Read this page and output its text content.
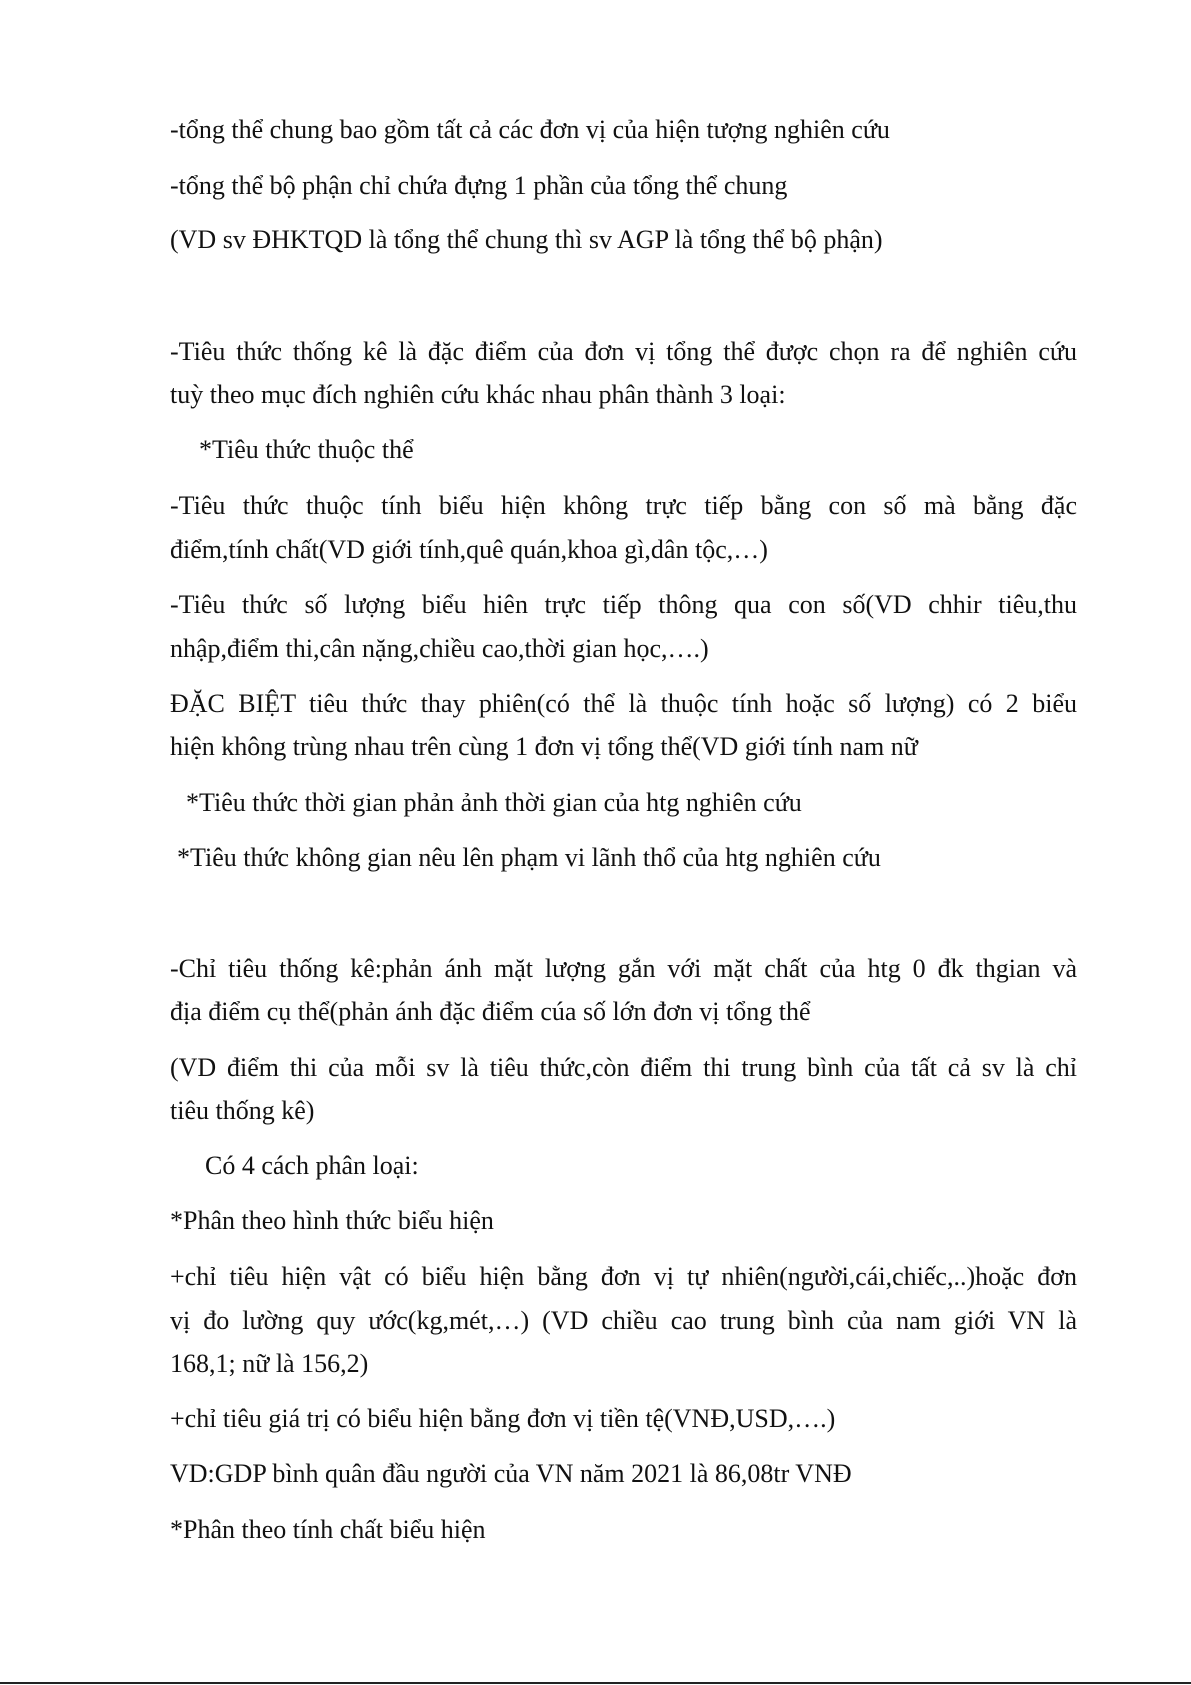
-tổng thể chung bao gồm tất cả các đơn vị của hiện tượng nghiên cứu

-tổng thể bộ phận chỉ chứa đựng 1 phần của tổng thể chung

(VD sv ĐHKTQD là tổng thể chung thì sv AGP là tổng thể bộ phận)

-Tiêu thức thống kê là đặc điểm của đơn vị tổng thể được chọn ra để nghiên cứu

tuỳ theo mục đích nghiên cứu khác nhau phân thành 3 loại:

*Tiêu thức thuộc thể

-Tiêu thức thuộc tính biểu hiện không trực tiếp bằng con số mà bằng đặc

điểm,tính chất(VD giới tính,quê quán,khoa gì,dân tộc,…)

-Tiêu thức số lượng biểu hiên trực tiếp thông qua con số(VD chhir tiêu,thu

nhập,điểm thi,cân nặng,chiều cao,thời gian học,….)

ĐẶC BIỆT tiêu thức thay phiên(có thể là thuộc tính hoặc số lượng) có 2 biểu

hiện không trùng nhau trên cùng 1 đơn vị tổng thể(VD giới tính nam nữ

*Tiêu thức thời gian phản ảnh thời gian của htg nghiên cứu

*Tiêu thức không gian nêu lên phạm vi lãnh thổ của htg nghiên cứu

-Chỉ tiêu thống kê:phản ánh mặt lượng gắn với mặt chất của htg 0 đk thgian và

địa điểm cụ thể(phản ánh đặc điểm cúa số lớn đơn vị tổng thể

(VD điểm thi của mỗi sv là tiêu thức,còn điểm thi trung bình của tất cả sv là chỉ

tiêu thống kê)

Có 4 cách phân loại:

*Phân theo hình thức biểu hiện

+chỉ tiêu hiện vật có biểu hiện bằng đơn vị tự nhiên(người,cái,chiếc,..)hoặc đơn

vị đo lường quy ước(kg,mét,…) (VD chiều cao trung bình của nam giới VN là

168,1; nữ là 156,2)

+chỉ tiêu giá trị có biểu hiện bằng đơn vị tiền tệ(VNĐ,USD,….)

VD:GDP bình quân đầu người của VN năm 2021 là 86,08tr VNĐ

*Phân theo tính chất biểu hiện
